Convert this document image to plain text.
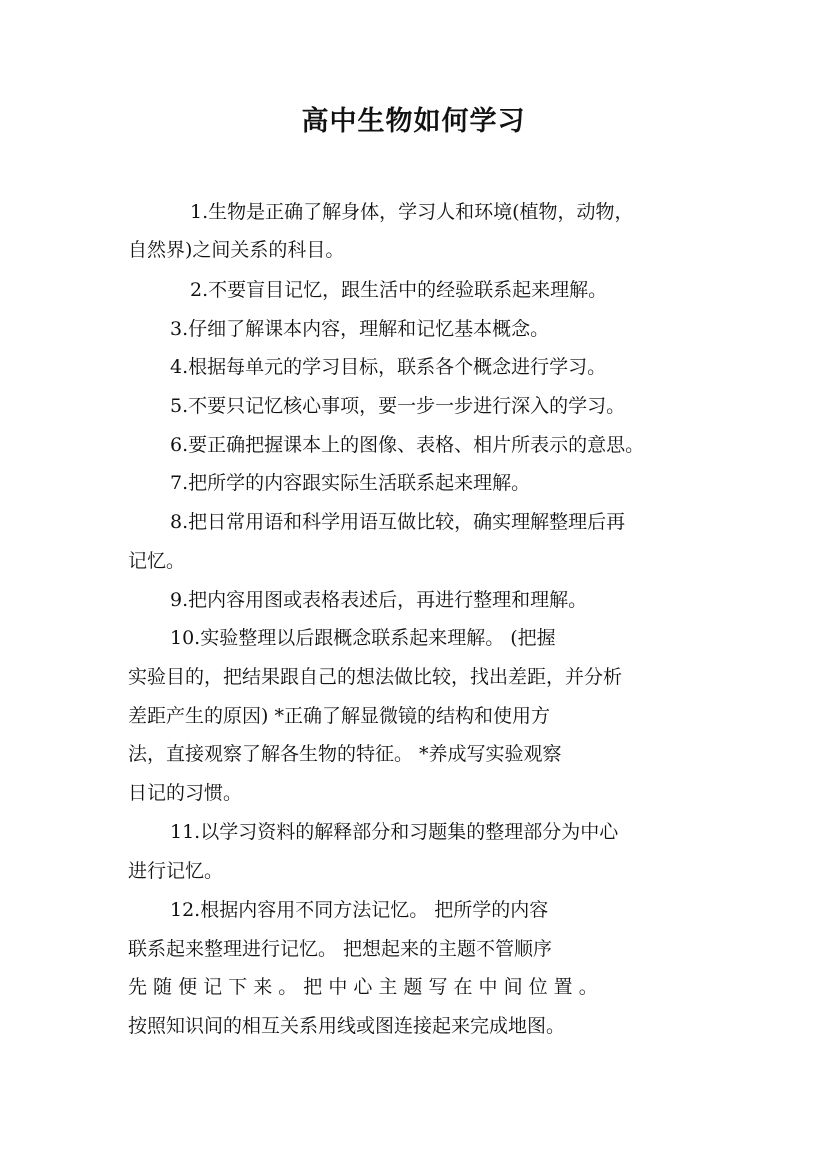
高中生物如何学习
1.生物是正确了解身体，学习人和环境(植物，动物，
自然界)之间关系的科目。
2.不要盲目记忆，跟生活中的经验联系起来理解。
3.仔细了解课本内容，理解和记忆基本概念。
4.根据每单元的学习目标，联系各个概念进行学习。
5.不要只记忆核心事项，要一步一步进行深入的学习。
6.要正确把握课本上的图像、表格、相片所表示的意思。
7.把所学的内容跟实际生活联系起来理解。
8.把日常用语和科学用语互做比较，确实理解整理后再
记忆。
9.把内容用图或表格表述后，再进行整理和理解。
10.实验整理以后跟概念联系起来理解。 (把握
实验目的，把结果跟自己的想法做比较，找出差距，并分析
差距产生的原因) *正确了解显微镜的结构和使用方
法，直接观察了解各生物的特征。 *养成写实验观察
日记的习惯。
11.以学习资料的解释部分和习题集的整理部分为中心
进行记忆。
12.根据内容用不同方法记忆。 把所学的内容
联系起来整理进行记忆。 把想起来的主题不管顺序
先 随 便 记 下 来 。 把 中 心 主 题 写 在 中 间 位 置 。
按照知识间的相互关系用线或图连接起来完成地图。
